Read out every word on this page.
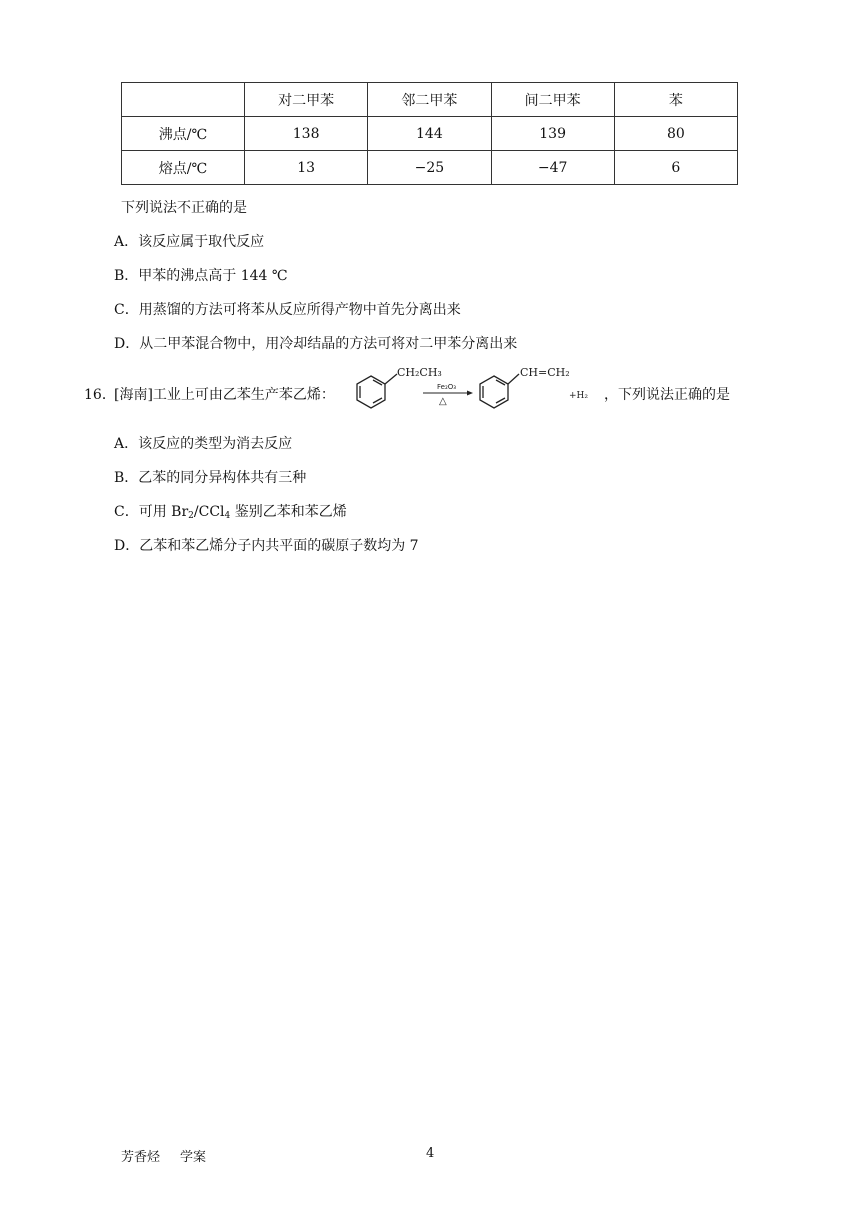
	对二甲苯	邻二甲苯	间二甲苯	苯
沸点/℃	138	144	139	80
熔点/℃	13	−25	−47	6
下列说法不正确的是
A．该反应属于取代反应
B．甲苯的沸点高于 144 ℃
C．用蒸馏的方法可将苯从反应所得产物中首先分离出来
D．从二甲苯混合物中，用冷却结晶的方法可将对二甲苯分离出来
16．
[海南]工业上可由乙苯生产苯乙烯：
CH₂CH₃
Fe₂O₃
△
CH=CH₂
+H₂ ，下列说法正确的是
A．该反应的类型为消去反应
B．乙苯的同分异构体共有三种
C．可用 $Br_2/CCl_4$ 鉴别乙苯和苯乙烯
D．乙苯和苯乙烯分子内共平面的碳原子数均为 7
芳香烃 学案	4
